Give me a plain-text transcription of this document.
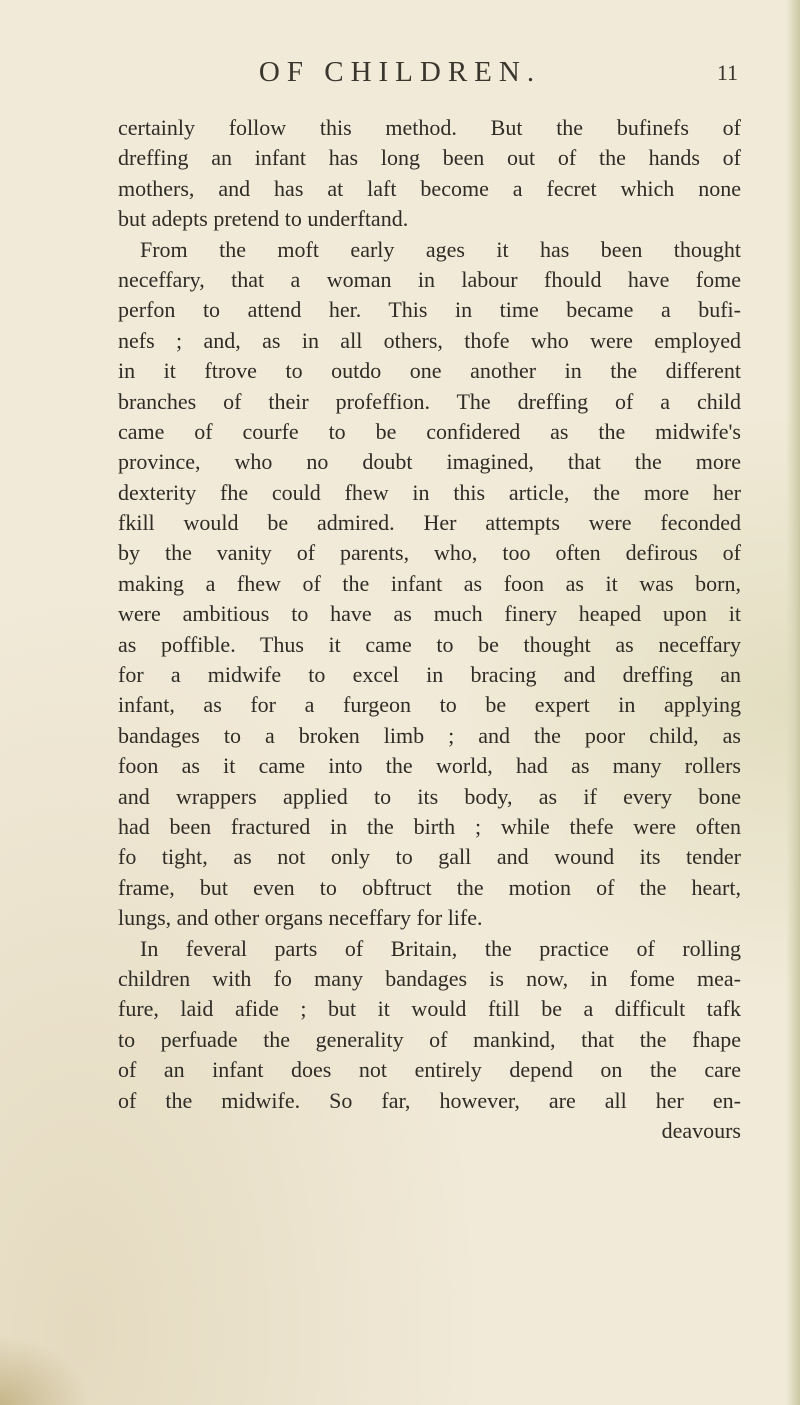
OF CHILDREN.	11
certainly follow this method. But the bufinefs of
dreffing an infant has long been out of the hands of
mothers, and has at laft become a fecret which none
but adepts pretend to underftand.
From the moft early ages it has been thought
neceffary, that a woman in labour fhould have fome
perfon to attend her. This in time became a bufi-
nefs ; and, as in all others, thofe who were employed
in it ftrove to outdo one another in the different
branches of their profeffion. The dreffing of a child
came of courfe to be confidered as the midwife's
province, who no doubt imagined, that the more
dexterity fhe could fhew in this article, the more her
fkill would be admired. Her attempts were feconded
by the vanity of parents, who, too often defirous of
making a fhew of the infant as foon as it was born,
were ambitious to have as much finery heaped upon it
as poffible. Thus it came to be thought as neceffary
for a midwife to excel in bracing and dreffing an
infant, as for a furgeon to be expert in applying
bandages to a broken limb ; and the poor child, as
foon as it came into the world, had as many rollers
and wrappers applied to its body, as if every bone
had been fractured in the birth ; while thefe were often
fo tight, as not only to gall and wound its tender
frame, but even to obftruct the motion of the heart,
lungs, and other organs neceffary for life.
In feveral parts of Britain, the practice of rolling
children with fo many bandages is now, in fome mea-
fure, laid afide ; but it would ftill be a difficult tafk
to perfuade the generality of mankind, that the fhape
of an infant does not entirely depend on the care
of the midwife. So far, however, are all her en-
deavours
